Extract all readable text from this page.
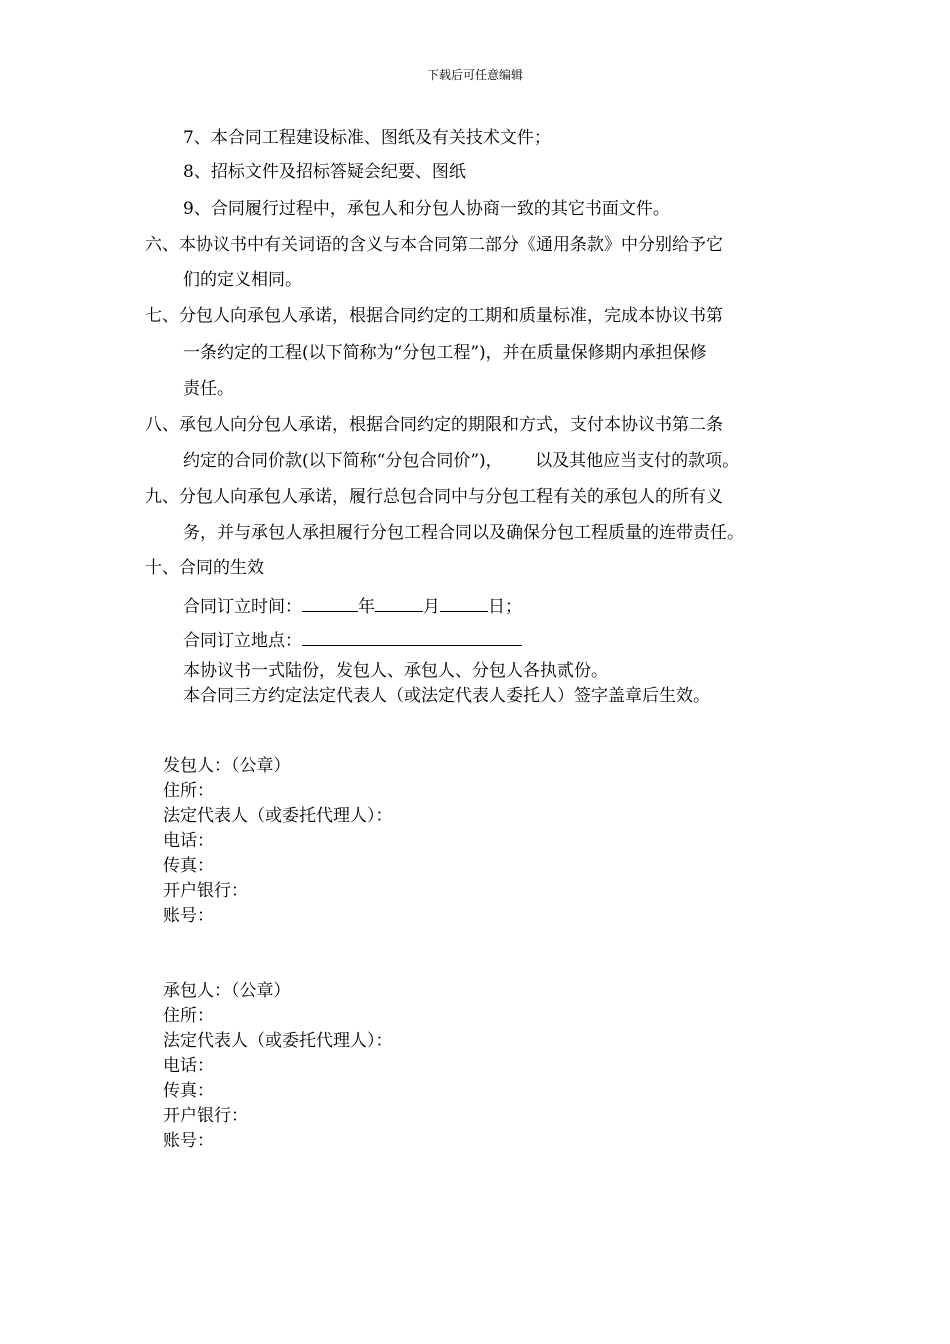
下载后可任意编辑
7、本合同工程建设标准、图纸及有关技术文件；
8、招标文件及招标答疑会纪要、图纸
9、合同履行过程中，承包人和分包人协商一致的其它书面文件。
六、本协议书中有关词语的含义与本合同第二部分《通用条款》中分别给予它
们的定义相同。
七、分包人向承包人承诺，根据合同约定的工期和质量标准，完成本协议书第
一条约定的工程(以下简称为“分包工程”)，并在质量保修期内承担保修
责任。
八、承包人向分包人承诺，根据合同约定的期限和方式，支付本协议书第二条
约定的合同价款(以下简称“分包合同价”)，      以及其他应当支付的款项。
九、分包人向承包人承诺，履行总包合同中与分包工程有关的承包人的所有义
务，并与承包人承担履行分包工程合同以及确保分包工程质量的连带责任。
十、合同的生效
合同订立时间：	年	月	日；
合同订立地点：
本协议书一式陆份，发包人、承包人、分包人各执贰份。
本合同三方约定法定代表人（或法定代表人委托人）签字盖章后生效。
发包人：（公章）
住所：
法定代表人（或委托代理人）：
电话：
传真：
开户银行：
账号：
承包人：（公章）
住所：
法定代表人（或委托代理人）：
电话：
传真：
开户银行：
账号：
